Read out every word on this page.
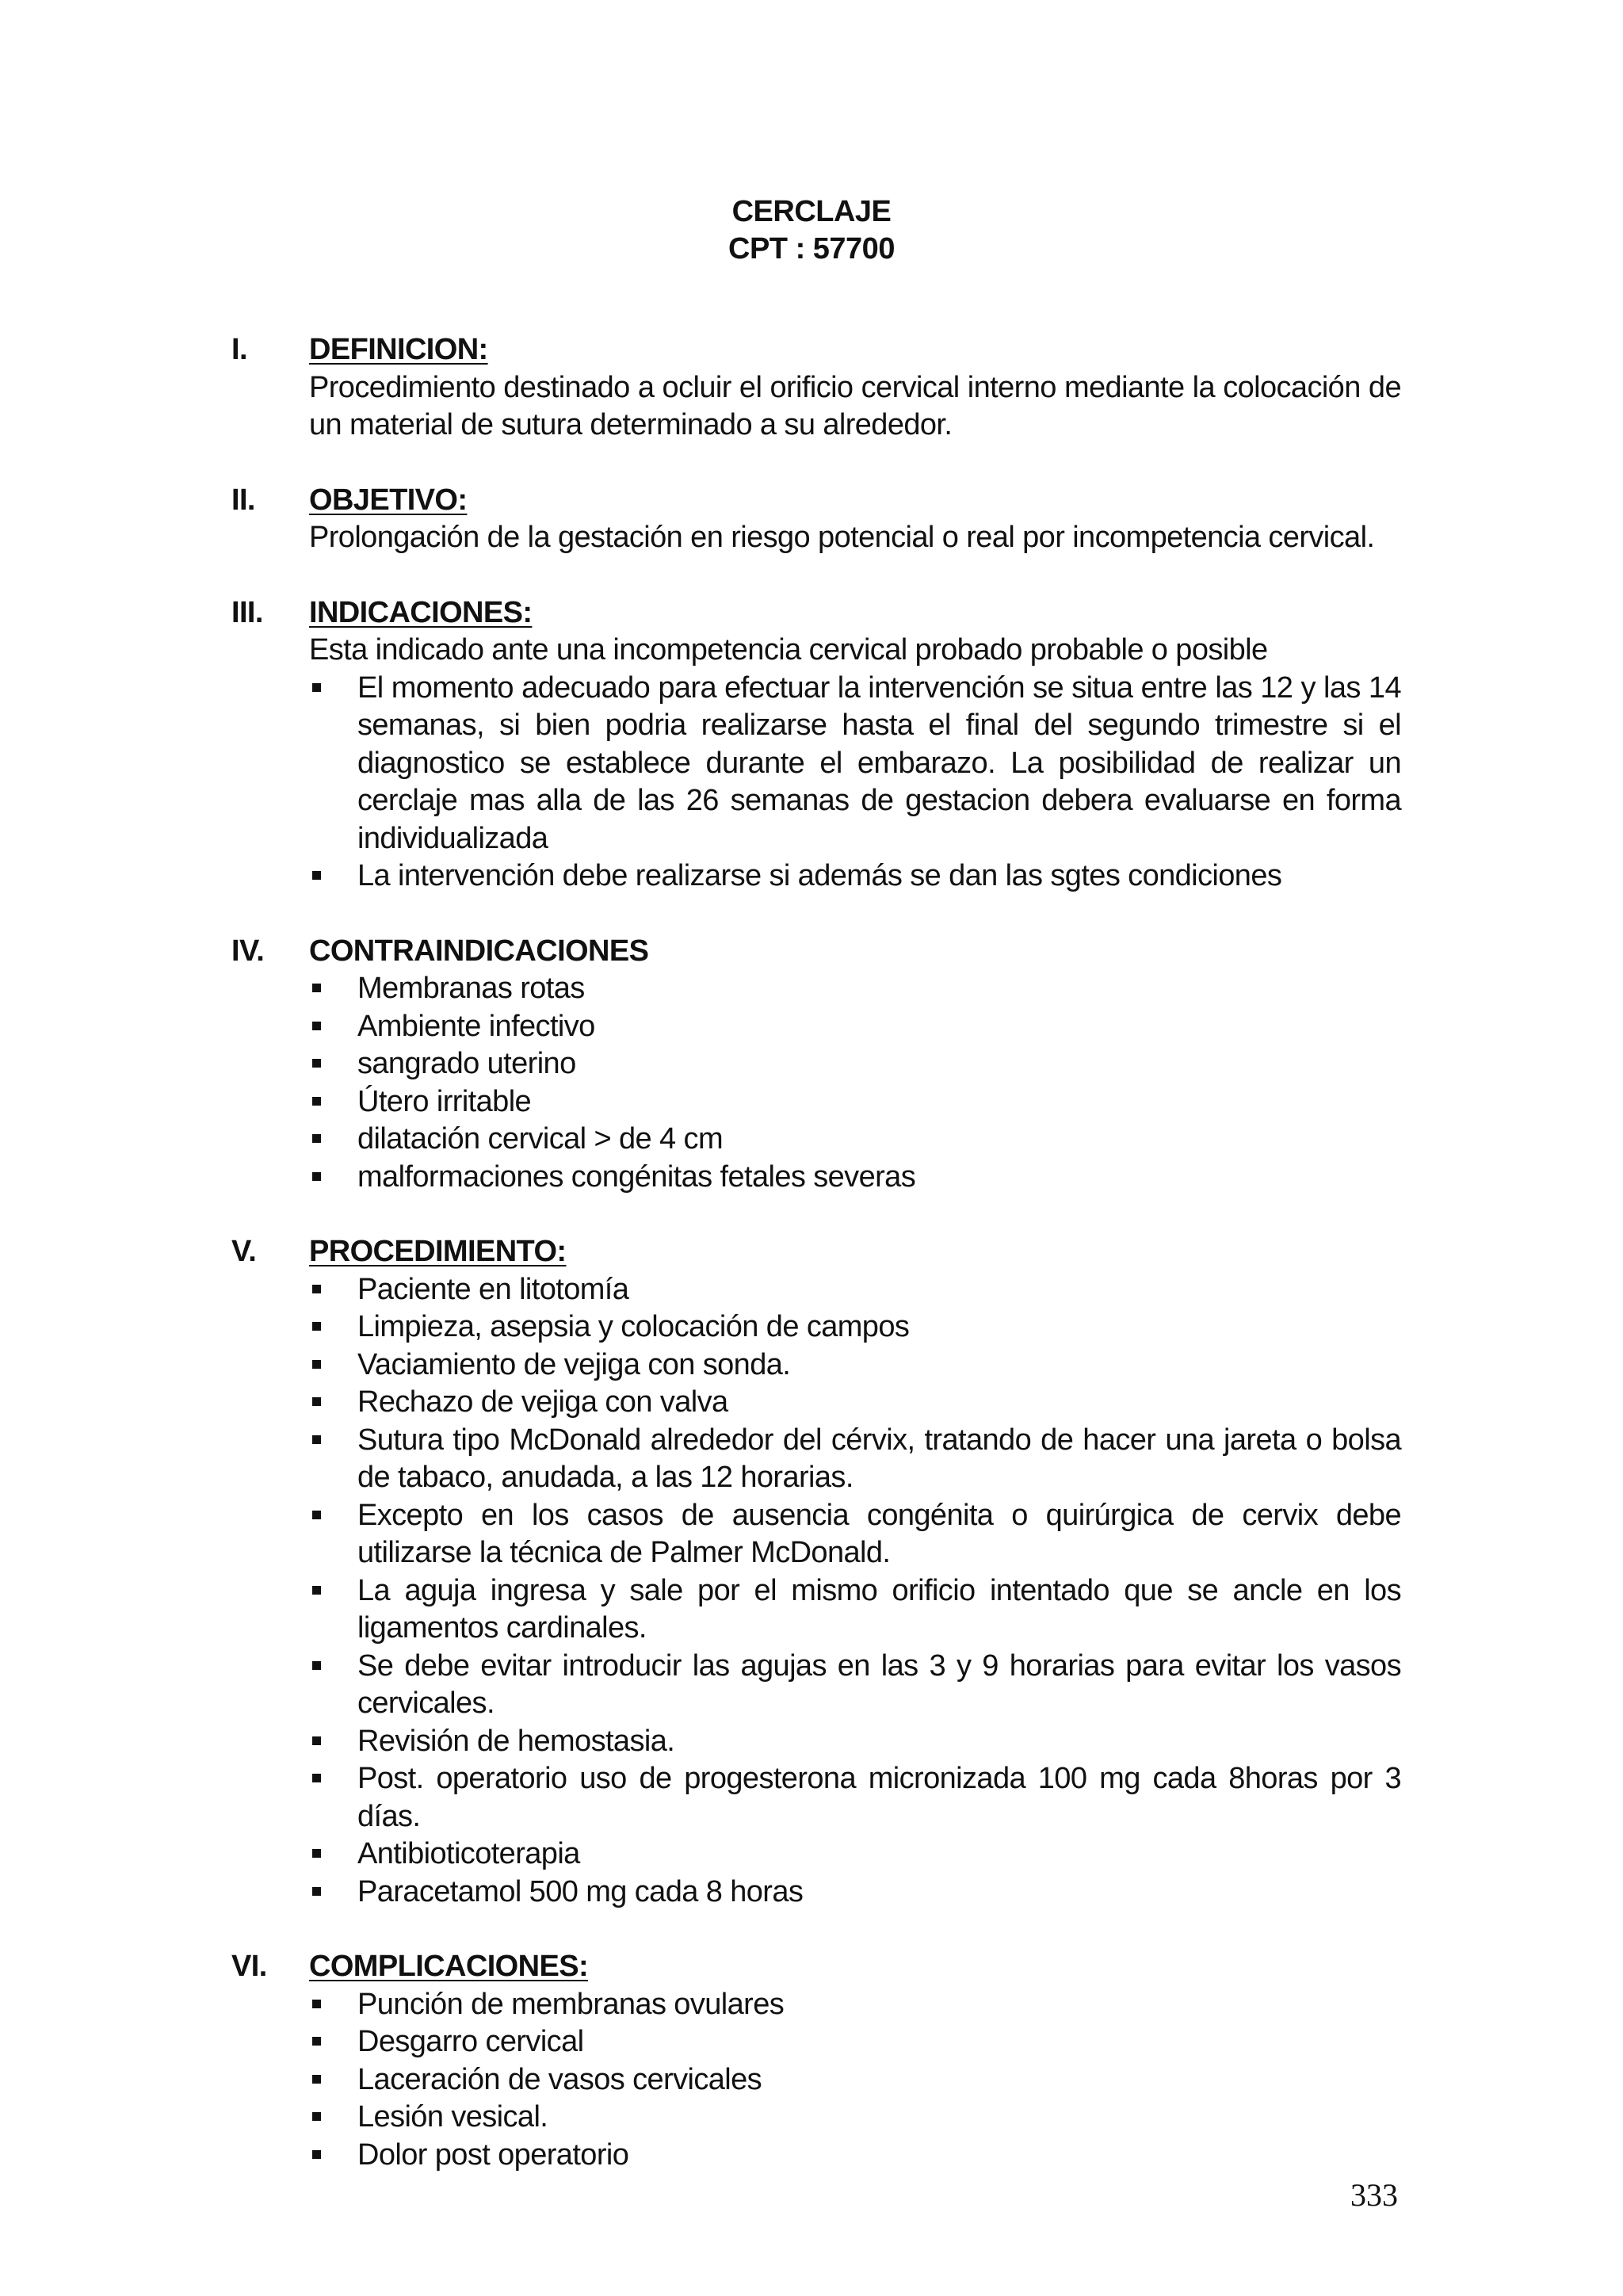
CERCLAJE
CPT : 57700
I.	DEFINICION:
Procedimiento destinado a ocluir el orificio cervical interno mediante la colocación de un material de sutura determinado a su alrededor.
II.	OBJETIVO:
Prolongación de la gestación en riesgo potencial o real por incompetencia cervical.
III.	INDICACIONES:
Esta indicado ante una incompetencia cervical probado probable o posible
El momento adecuado para efectuar la intervención se situa entre las 12 y las 14 semanas, si bien podria realizarse hasta el final del segundo trimestre si el diagnostico se establece durante el embarazo. La posibilidad de realizar un cerclaje mas alla de las 26 semanas de gestacion debera evaluarse en forma individualizada
La intervención debe realizarse si además se dan las sgtes condiciones
IV.	CONTRAINDICACIONES
Membranas rotas
Ambiente infectivo
sangrado uterino
Útero irritable
dilatación cervical > de 4 cm
malformaciones congénitas fetales severas
V.	PROCEDIMIENTO:
Paciente en litotomía
Limpieza, asepsia y colocación de campos
Vaciamiento de vejiga con sonda.
Rechazo de vejiga con valva
Sutura tipo McDonald alrededor del cérvix, tratando de hacer una jareta o bolsa de tabaco, anudada, a las 12 horarias.
Excepto en los casos de ausencia congénita o quirúrgica de cervix debe utilizarse la técnica de Palmer McDonald.
La aguja ingresa y sale por el mismo orificio intentado que se ancle en los ligamentos cardinales.
Se debe evitar introducir las agujas en las 3 y 9 horarias para evitar los vasos cervicales.
Revisión de hemostasia.
Post. operatorio uso de progesterona micronizada 100 mg cada 8horas por 3 días.
Antibioticoterapia
Paracetamol 500 mg cada 8 horas
VI.	COMPLICACIONES:
Punción de membranas ovulares
Desgarro cervical
Laceración de vasos cervicales
Lesión vesical.
Dolor post operatorio
333
